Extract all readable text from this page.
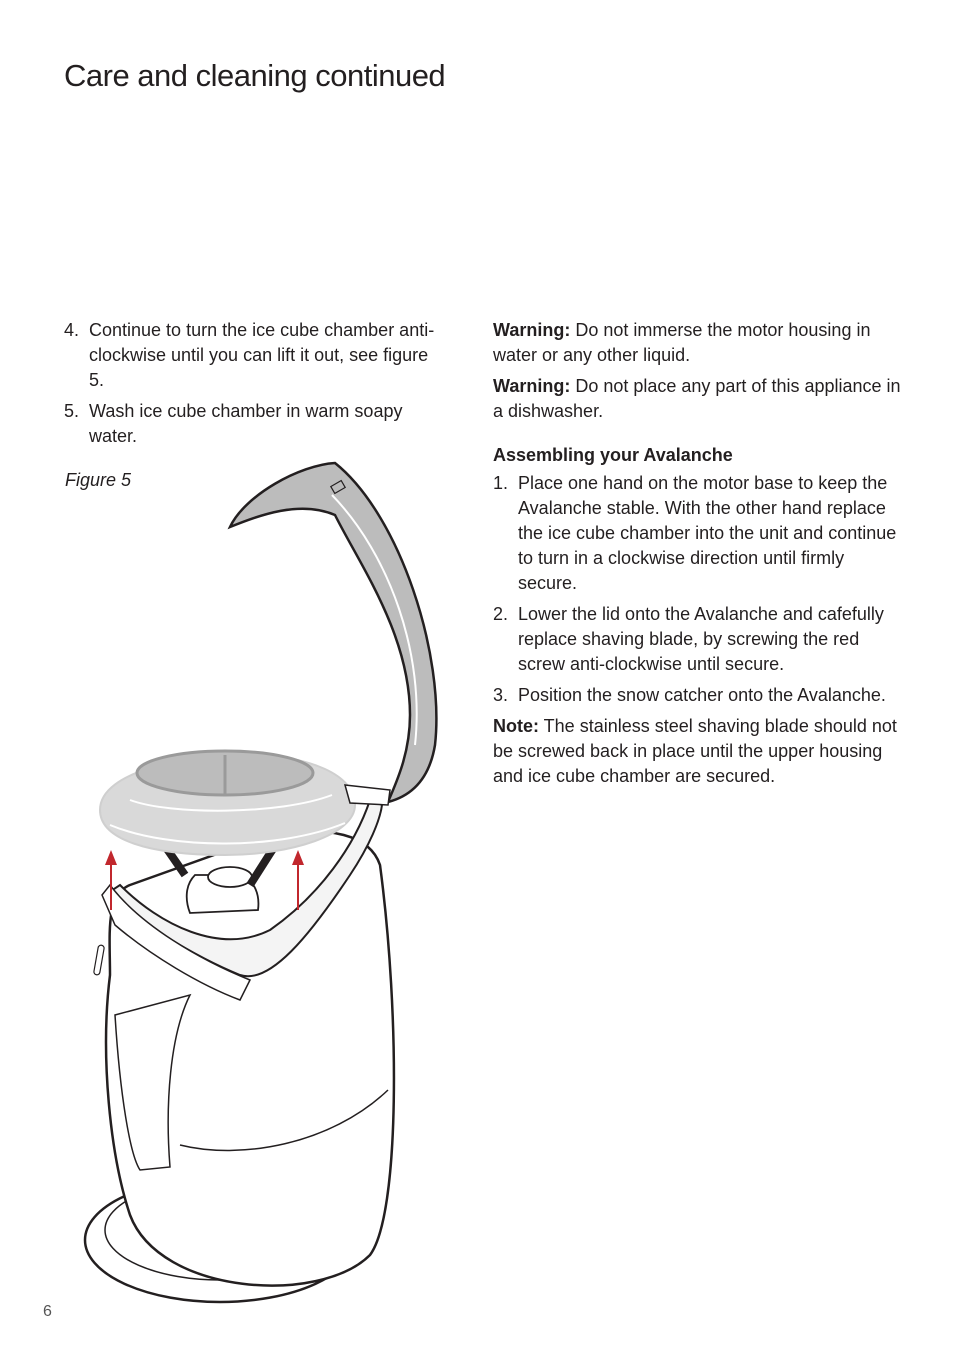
Care and cleaning continued
4. Continue to turn the ice cube chamber anti-clockwise until you can lift it out, see figure 5.
5. Wash ice cube chamber in warm soapy water.
Figure 5

Warning: Do not immerse the motor housing in water or any other liquid.

Warning: Do not place any part of this appliance in a dishwasher.

Assembling your Avalanche
1. Place one hand on the motor base to keep the Avalanche stable. With the other hand replace the ice cube chamber into the unit and continue to turn in a clockwise direction until firmly secure.
2. Lower the lid onto the Avalanche and cafefully replace shaving blade, by screwing the red screw anti-clockwise until secure.
3. Position the snow catcher onto the Avalanche.

Note: The stainless steel shaving blade should not be screwed back in place until the upper housing and ice cube chamber are secured.

6
